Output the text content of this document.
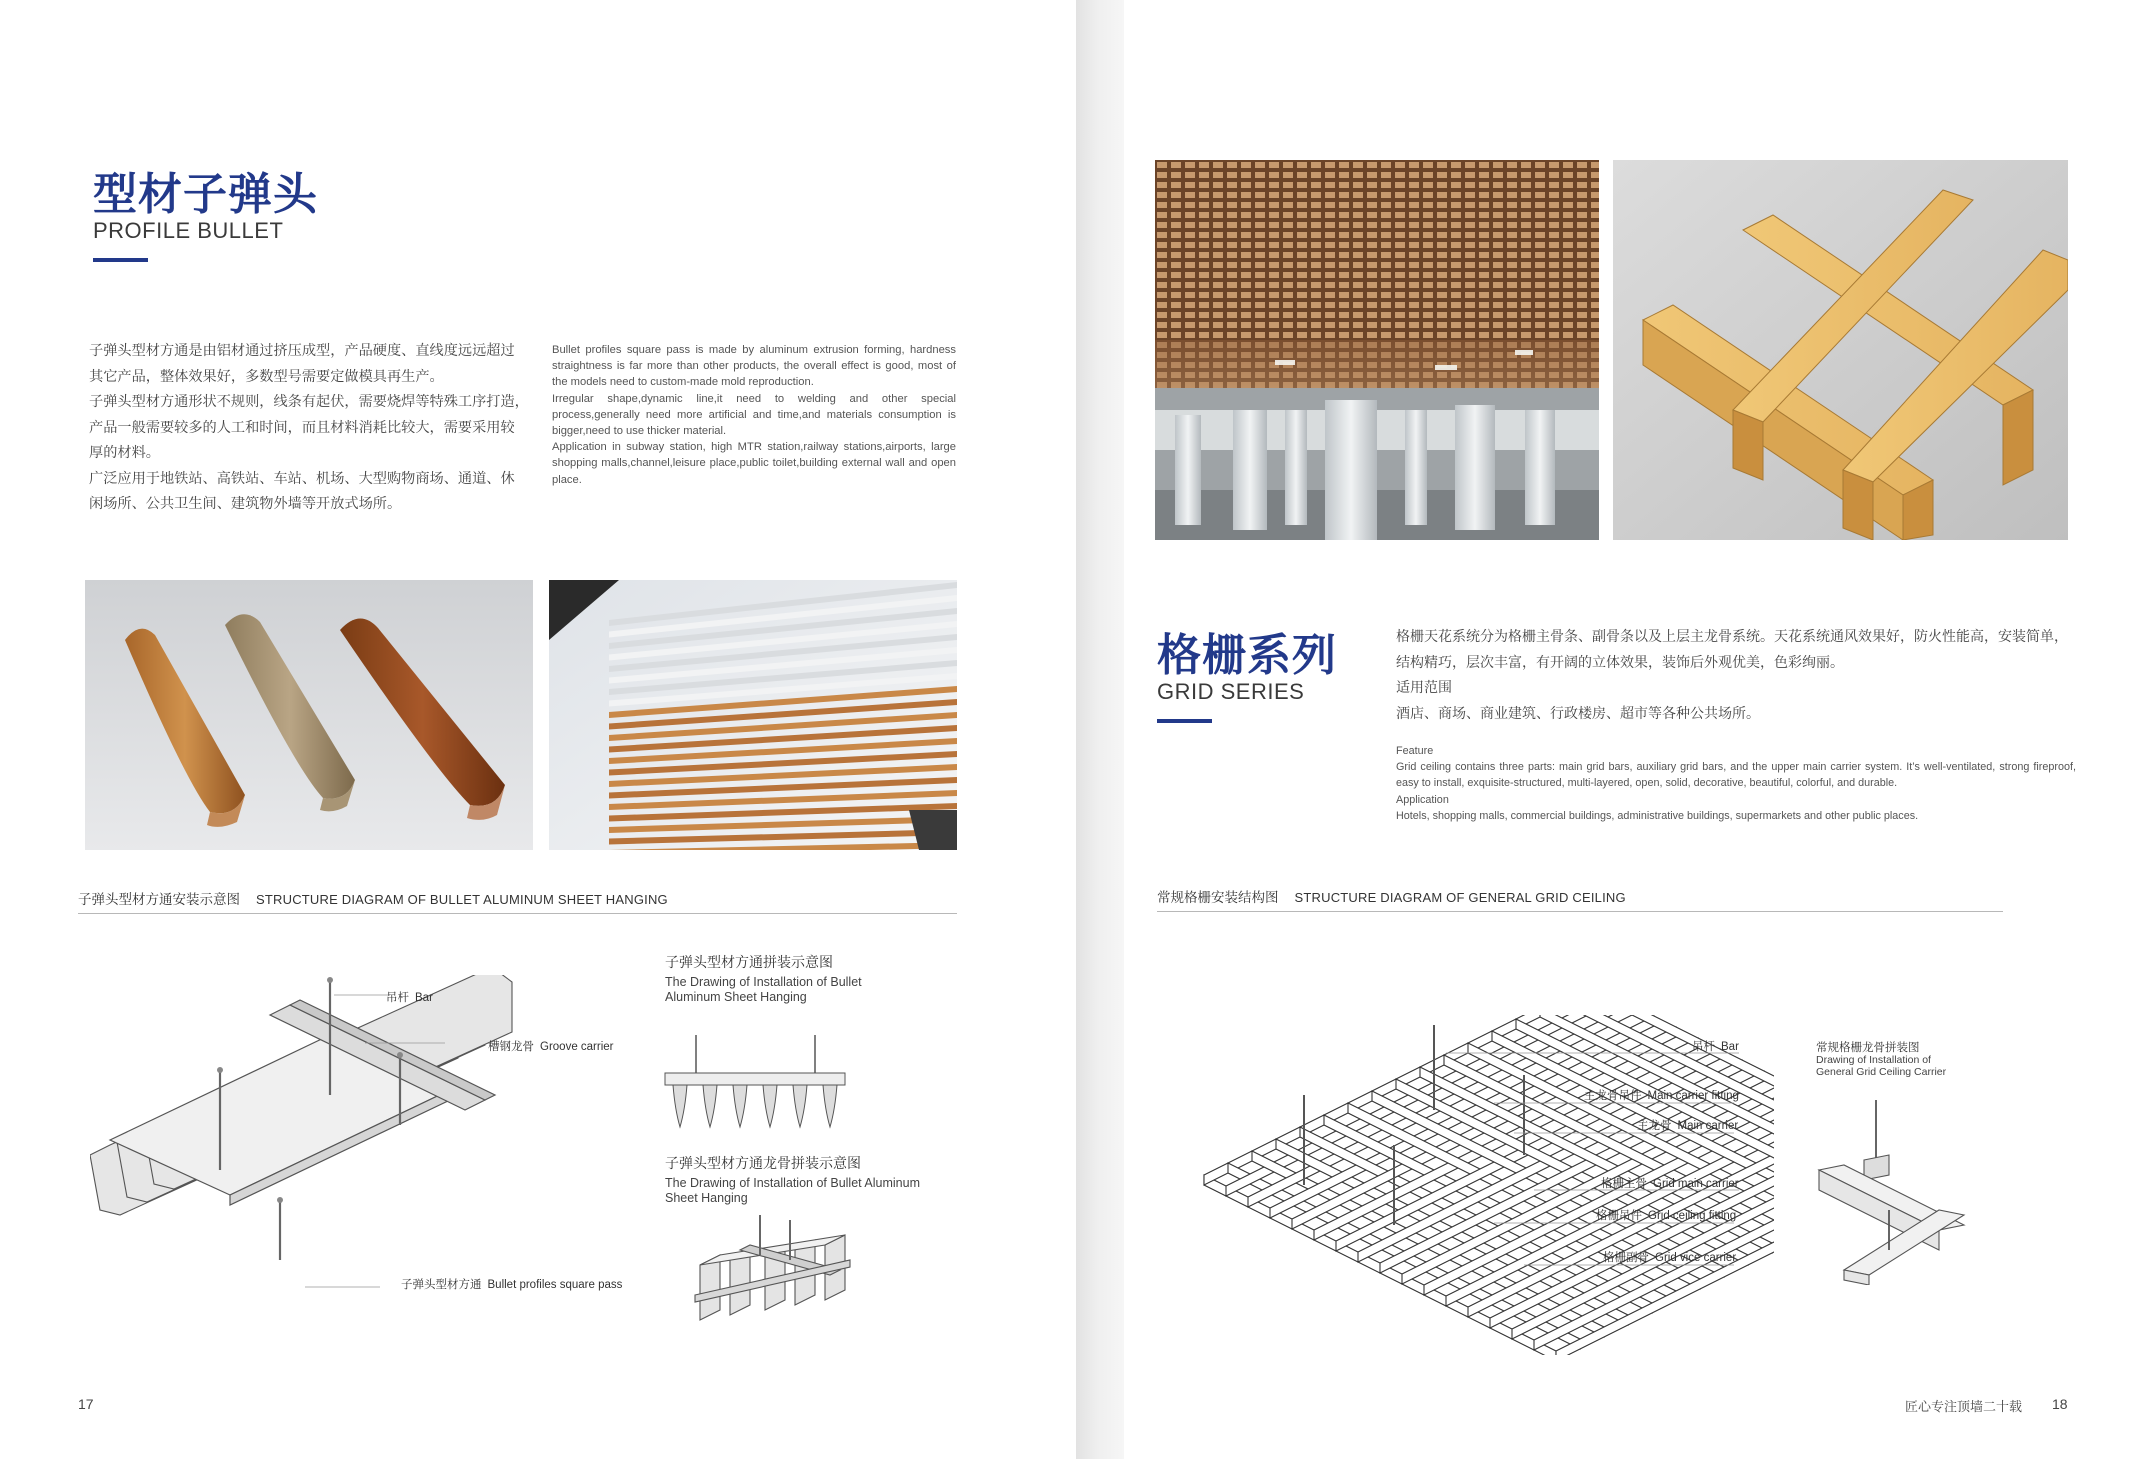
型材子弹头
PROFILE BULLET

子弹头型材方通是由铝材通过挤压成型，产品硬度、直线度远远超过

其它产品，整体效果好，多数型号需要定做模具再生产。

子弹头型材方通形状不规则，线条有起伏，需要烧焊等特殊工序打造，

产品一般需要较多的人工和时间，而且材料消耗比较大，需要采用较

厚的材料。

广泛应用于地铁站、高铁站、车站、机场、大型购物商场、通道、休

闲场所、公共卫生间、建筑物外墙等开放式场所。

Bullet profiles square pass is made by aluminum extrusion forming, hardness straightness is far more than other products, the overall effect is good, most of the models need to custom-made mold reproduction.

Irregular shape,dynamic line,it need to welding and other special process,generally need more artificial and time,and materials consumption is bigger,need to use thicker material.

Application in subway station, high MTR station,railway stations,airports, large shopping malls,channel,leisure place,public toilet,building external wall and open place.

子弹头型材方通安装示意图 STRUCTURE DIAGRAM OF BULLET ALUMINUM SHEET HANGING
吊杆 Bar
槽钢龙骨 Groove carrier
子弹头型材方通 Bullet profiles square pass
子弹头型材方通拼装示意图
The Drawing of Installation of Bullet Aluminum Sheet Hanging
子弹头型材方通龙骨拼装示意图
The Drawing of Installation of Bullet Aluminum Sheet Hanging
17
格栅系列
GRID SERIES

格栅天花系统分为格栅主骨条、副骨条以及上层主龙骨系统。天花系统通风效果好，防火性能高，安装简单，

结构精巧，层次丰富，有开阔的立体效果，装饰后外观优美，色彩绚丽。

适用范围

酒店、商场、商业建筑、行政楼房、超市等各种公共场所。

Feature

Grid ceiling contains three parts: main grid bars, auxiliary grid bars, and the upper main carrier system. It’s well-ventilated, strong fireproof, easy to install, exquisite-structured, multi-layered, open, solid, decorative, beautiful, colorful, and durable.

Application

Hotels, shopping malls, commercial buildings, administrative buildings, supermarkets and other public places.

常规格栅安装结构图 STRUCTURE DIAGRAM OF GENERAL GRID CEILING
吊杆 Bar
主龙骨吊件 Main carrier fitting
主龙骨 Main carrier
格栅主骨 Grid main carrier
格栅吊件 Grid ceiling fitting
格栅副骨 Grid vice carrier
常规格栅龙骨拼装图
Drawing of Installation of General Grid Ceiling Carrier
匠心专注顶墙二十载 18
